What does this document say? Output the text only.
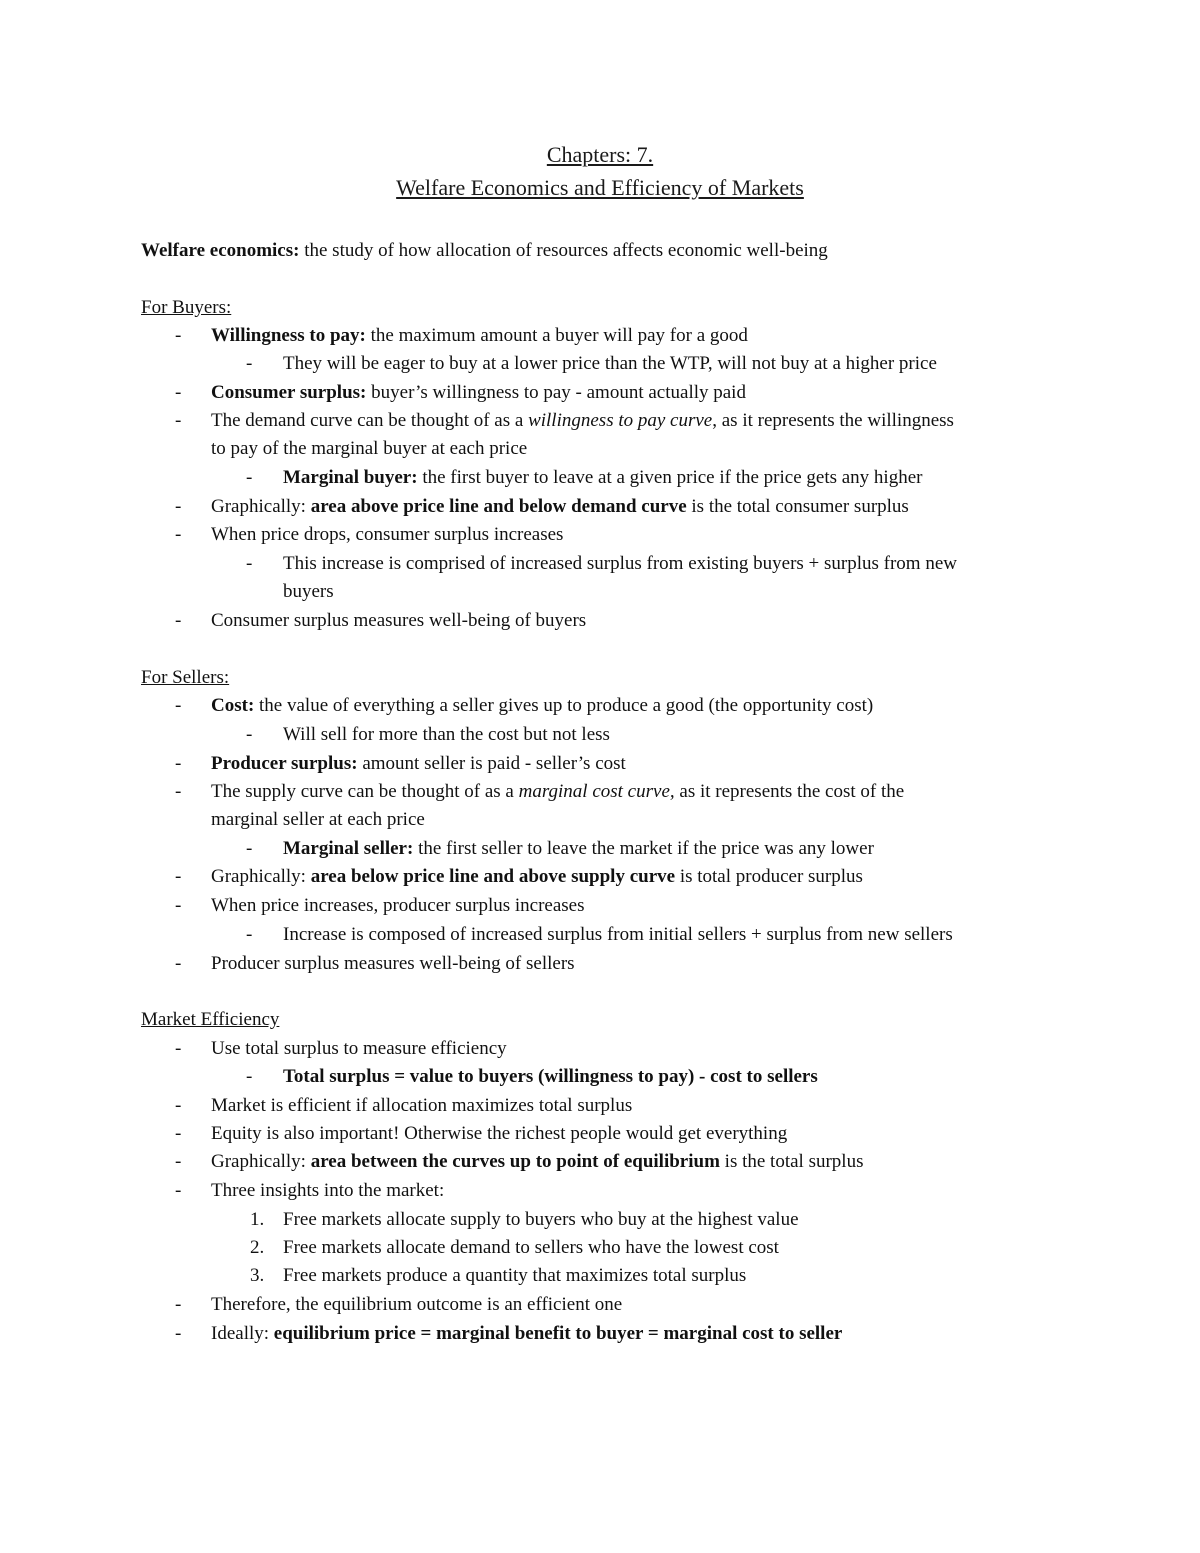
Chapters: 7.
Welfare Economics and Efficiency of Markets
Welfare economics: the study of how allocation of resources affects economic well-being
For Buyers:
- Willingness to pay: the maximum amount a buyer will pay for a good
- They will be eager to buy at a lower price than the WTP, will not buy at a higher price
- Consumer surplus: buyer’s willingness to pay - amount actually paid
- The demand curve can be thought of as a willingness to pay curve, as it represents the willingness
to pay of the marginal buyer at each price
- Marginal buyer: the first buyer to leave at a given price if the price gets any higher
- Graphically: area above price line and below demand curve is the total consumer surplus
- When price drops, consumer surplus increases
- This increase is comprised of increased surplus from existing buyers + surplus from new
buyers
- Consumer surplus measures well-being of buyers
For Sellers:
- Cost: the value of everything a seller gives up to produce a good (the opportunity cost)
- Will sell for more than the cost but not less
- Producer surplus: amount seller is paid - seller’s cost
- The supply curve can be thought of as a marginal cost curve, as it represents the cost of the
marginal seller at each price
- Marginal seller: the first seller to leave the market if the price was any lower
- Graphically: area below price line and above supply curve is total producer surplus
- When price increases, producer surplus increases
- Increase is composed of increased surplus from initial sellers + surplus from new sellers
- Producer surplus measures well-being of sellers
Market Efficiency
- Use total surplus to measure efficiency
- Total surplus = value to buyers (willingness to pay) - cost to sellers
- Market is efficient if allocation maximizes total surplus
- Equity is also important! Otherwise the richest people would get everything
- Graphically: area between the curves up to point of equilibrium is the total surplus
- Three insights into the market:
1. Free markets allocate supply to buyers who buy at the highest value
2. Free markets allocate demand to sellers who have the lowest cost
3. Free markets produce a quantity that maximizes total surplus
- Therefore, the equilibrium outcome is an efficient one
- Ideally: equilibrium price = marginal benefit to buyer = marginal cost to seller
